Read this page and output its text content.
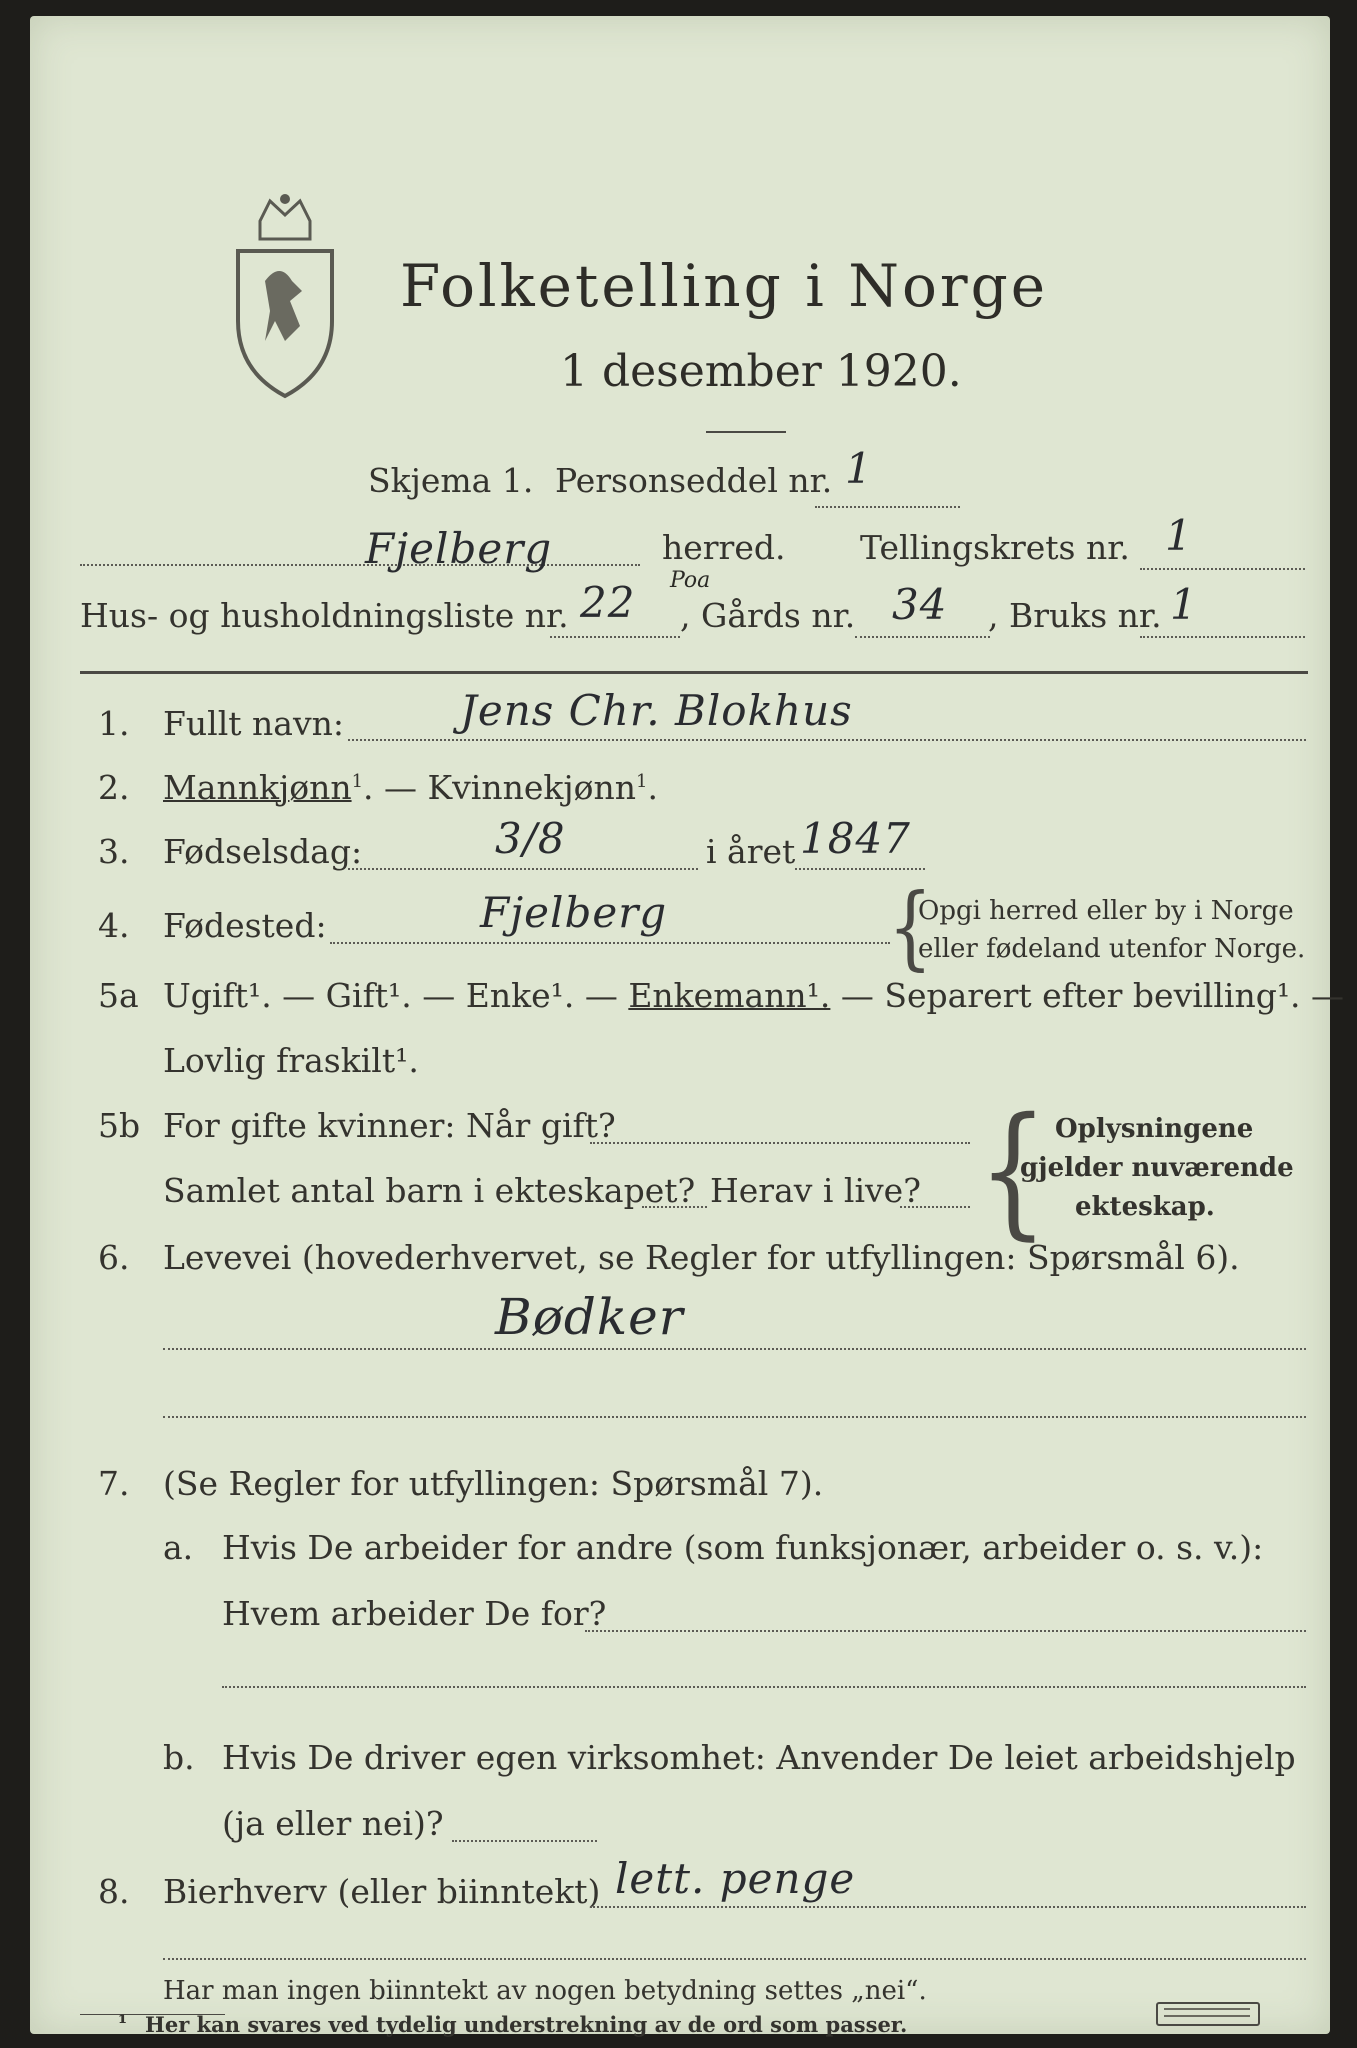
Folketelling i Norge
1 desember 1920.
Skjema 1. Personseddel nr. 1
Fjelberg	herred. Tellingskrets nr. 1
Hus- og husholdningsliste nr. 22 Poa
, Gårds nr. 34 , Bruks nr. 1
1. Fullt navn:	Jens Chr. Blokhus
2. Mannkjønn$^1$. — Kvinnekjønn$^1$.
3. Fødselsdag:	3/8	i året 1847
4. Fødested:	Fjelberg	{
Opgi herred eller by i Norge
eller fødeland utenfor Norge.
5a Ugift¹. — Gift¹. — Enke¹. — Enkemann¹. — Separert efter bevilling¹. —
Lovlig fraskilt¹.
5b For gifte kvinner: Når gift?
Samlet antal barn i ekteskapet? Herav i live? { Oplysningene
gjelder nuværende
ekteskap.
6. Levevei (hovederhvervet, se Regler for utfyllingen: Spørsmål 6).
Bødker
7. (Se Regler for utfyllingen: Spørsmål 7).
a. Hvis De arbeider for andre (som funksjonær, arbeider o. s. v.):
Hvem arbeider De for?
b. Hvis De driver egen virksomhet: Anvender De leiet arbeidshjelp
(ja eller nei)?
8. Bierhverv (eller biinntekt) lett. penge
Har man ingen biinntekt av nogen betydning settes „nei“.
¹ Her kan svares ved tydelig understrekning av de ord som passer.
